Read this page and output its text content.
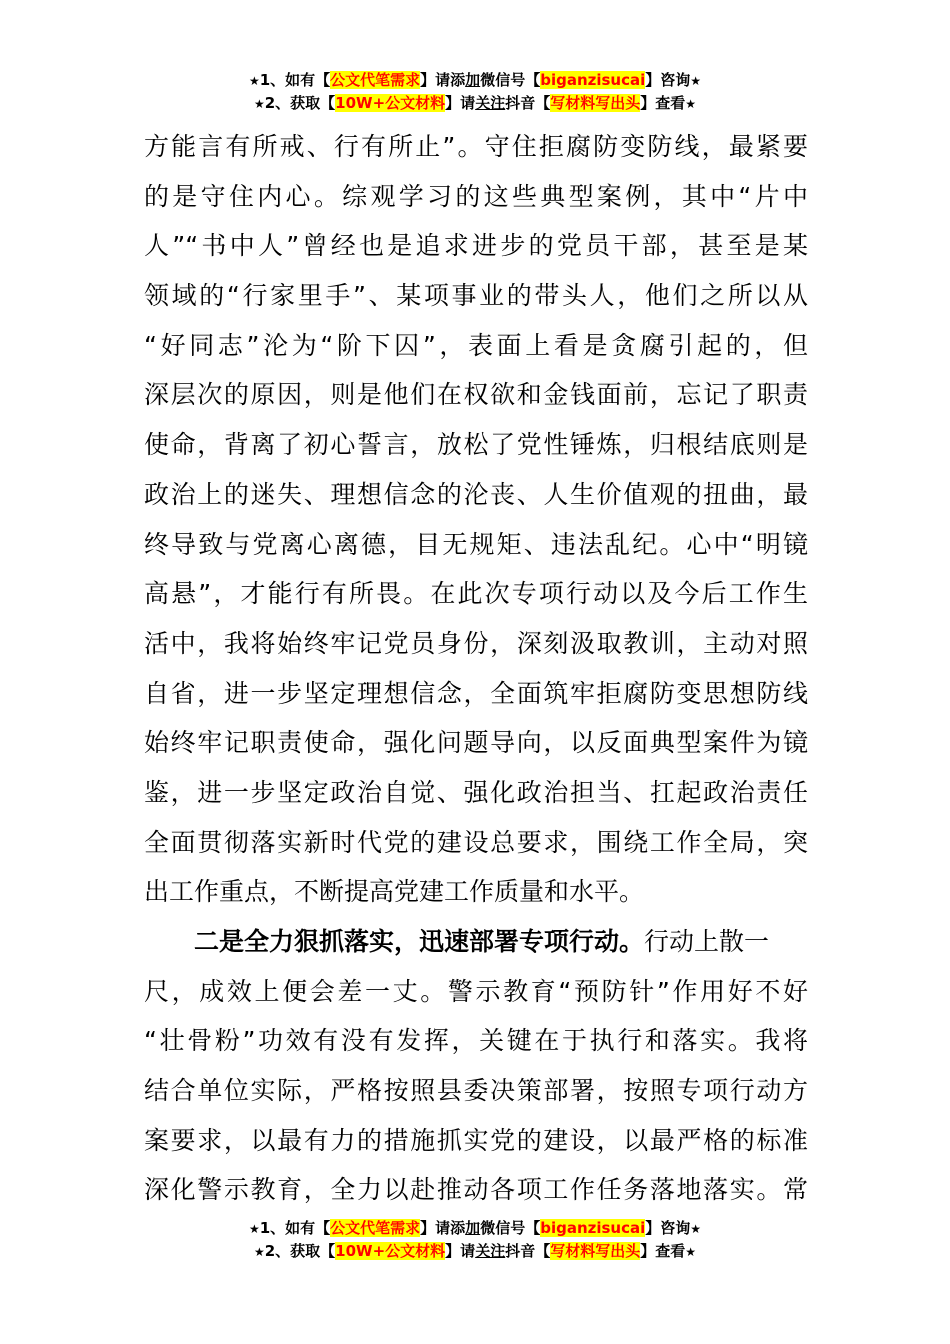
★1、如有【公文代笔需求】请添加微信号【biganzisucai】咨询★
★2、获取【10W+公文材料】请关注抖音【写材料写出头】查看★
方能言有所戒、行有所止”。守住拒腐防变防线，最紧要
的是守住内心。综观学习的这些典型案例，其中“片中
人”“书中人”曾经也是追求进步的党员干部，甚至是某
领域的“行家里手”、某项事业的带头人，他们之所以从
“好同志”沦为“阶下囚”，表面上看是贪腐引起的，但
深层次的原因，则是他们在权欲和金钱面前，忘记了职责
使命，背离了初心誓言，放松了党性锤炼，归根结底则是
政治上的迷失、理想信念的沦丧、人生价值观的扭曲，最
终导致与党离心离德，目无规矩、违法乱纪。心中“明镜
高悬”，才能行有所畏。在此次专项行动以及今后工作生
活中，我将始终牢记党员身份，深刻汲取教训，主动对照
自省，进一步坚定理想信念，全面筑牢拒腐防变思想防线
始终牢记职责使命，强化问题导向，以反面典型案件为镜
鉴，进一步坚定政治自觉、强化政治担当、扛起政治责任
全面贯彻落实新时代党的建设总要求，围绕工作全局，突
出工作重点，不断提高党建工作质量和水平。
二是全力狠抓落实，迅速部署专项行动。行动上散一
尺，成效上便会差一丈。警示教育“预防针”作用好不好
“壮骨粉”功效有没有发挥，关键在于执行和落实。我将
结合单位实际，严格按照县委决策部署，按照专项行动方
案要求，以最有力的措施抓实党的建设，以最严格的标准
深化警示教育，全力以赴推动各项工作任务落地落实。常
★1、如有【公文代笔需求】请添加微信号【biganzisucai】咨询★
★2、获取【10W+公文材料】请关注抖音【写材料写出头】查看★
